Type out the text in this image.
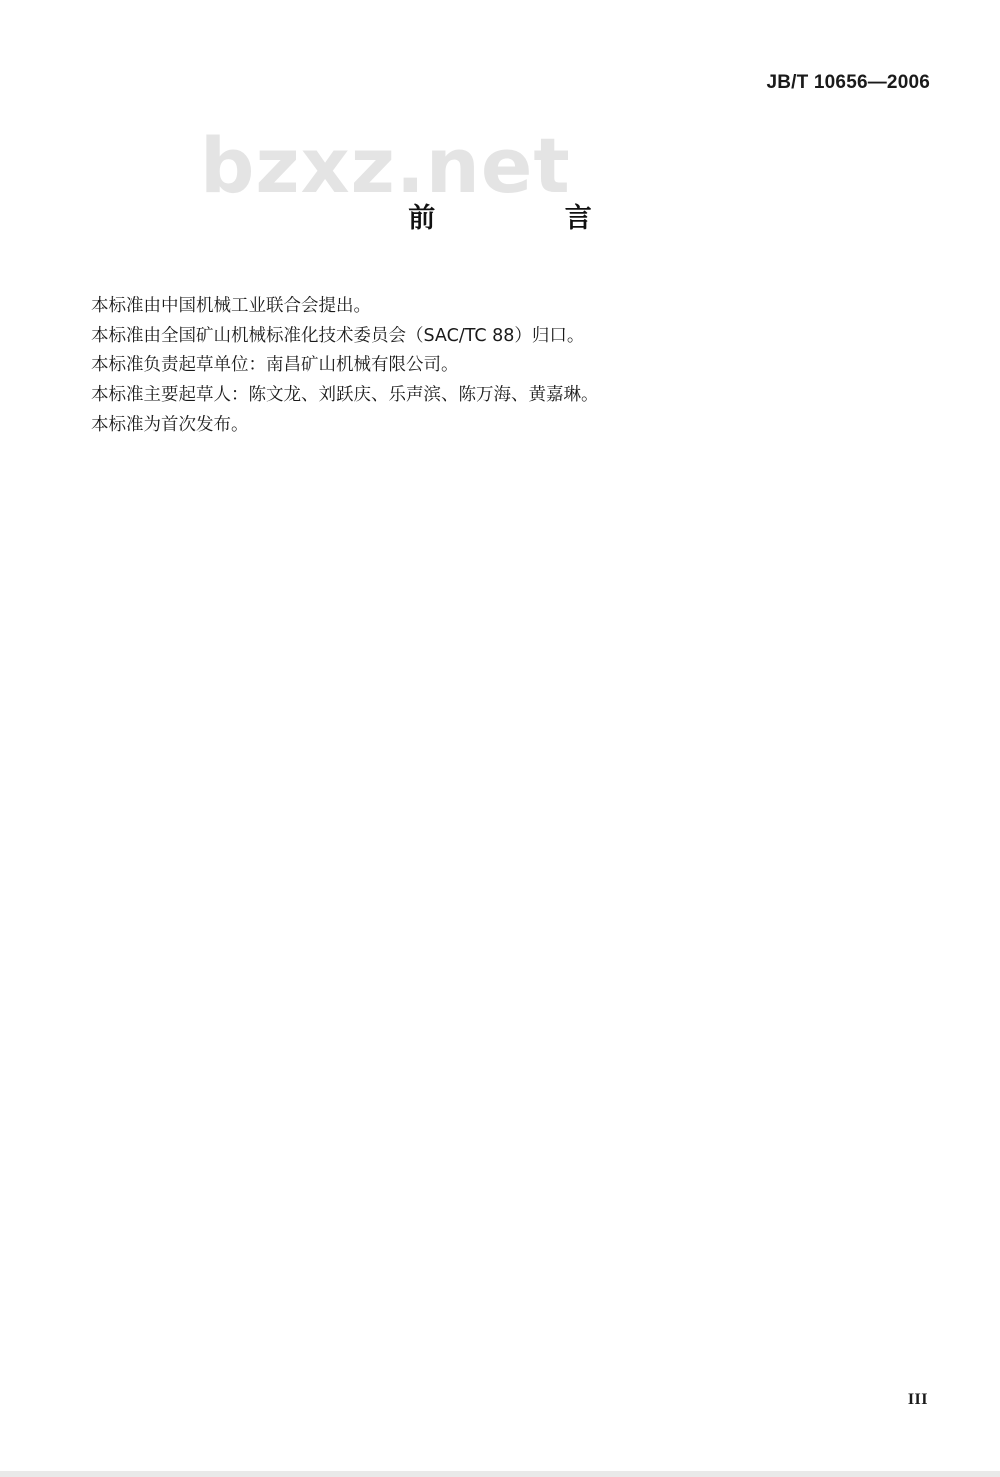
JB/T 10656—2006
bzxz.net
前 言
本标准由中国机械工业联合会提出。
本标准由全国矿山机械标准化技术委员会（SAC/TC 88）归口。
本标准负责起草单位：南昌矿山机械有限公司。
本标准主要起草人：陈文龙、刘跃庆、乐声滨、陈万海、黄嘉琳。
本标准为首次发布。
III
